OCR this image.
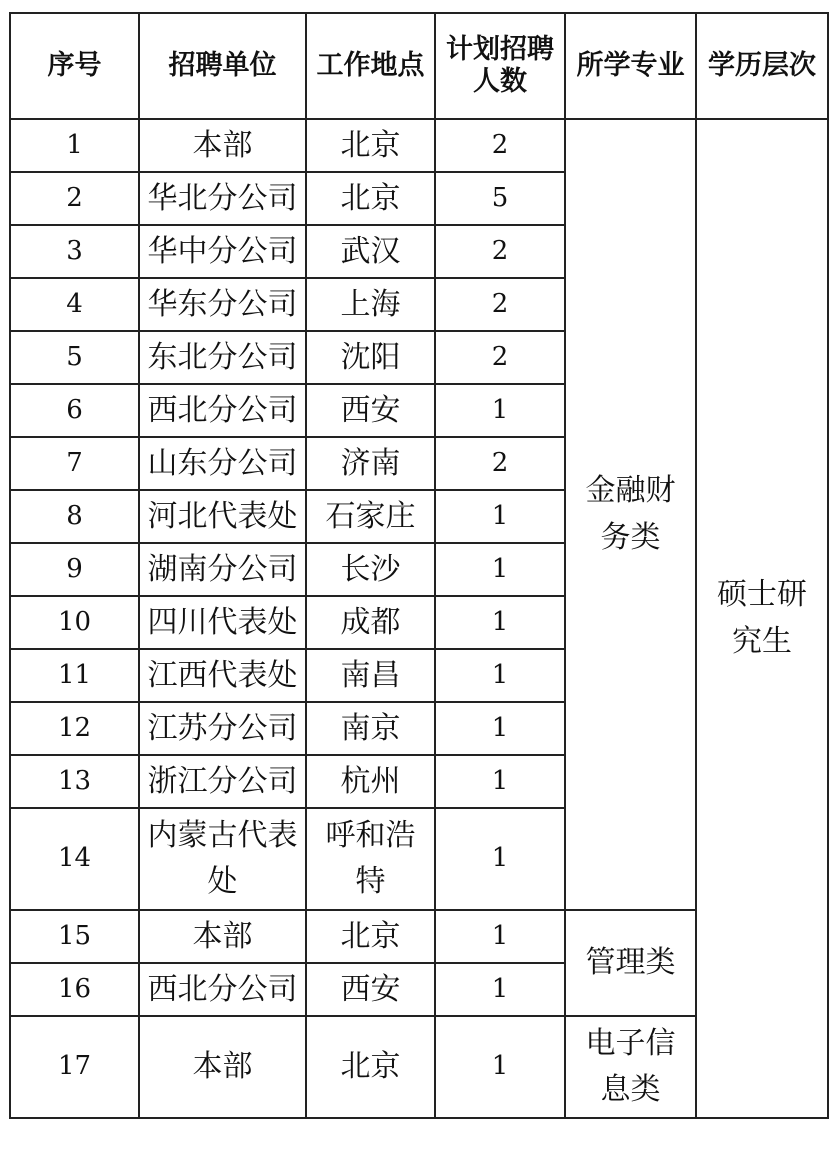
序号	招聘单位	工作地点	计划招聘人数	所学专业	学历层次
1	本部	北京	2	金融财务类	硕士研究生

2	华北分公司	北京	5		
3	华中分公司	武汉	2		
4	华东分公司	上海	2		
5	东北分公司	沈阳	2		
6	西北分公司	西安	1		
7	山东分公司	济南	2		
8	河北代表处	石家庄	1		
9	湖南分公司	长沙	1		
10	四川代表处	成都	1		
11	江西代表处	南昌	1		
12	江苏分公司	南京	1		
13	浙江分公司	杭州	1		
14	内蒙古代表处	呼和浩特	1		
15	本部	北京	1	管理类	
16	西北分公司	西安	1		
17	本部	北京	1	电子信息类	
